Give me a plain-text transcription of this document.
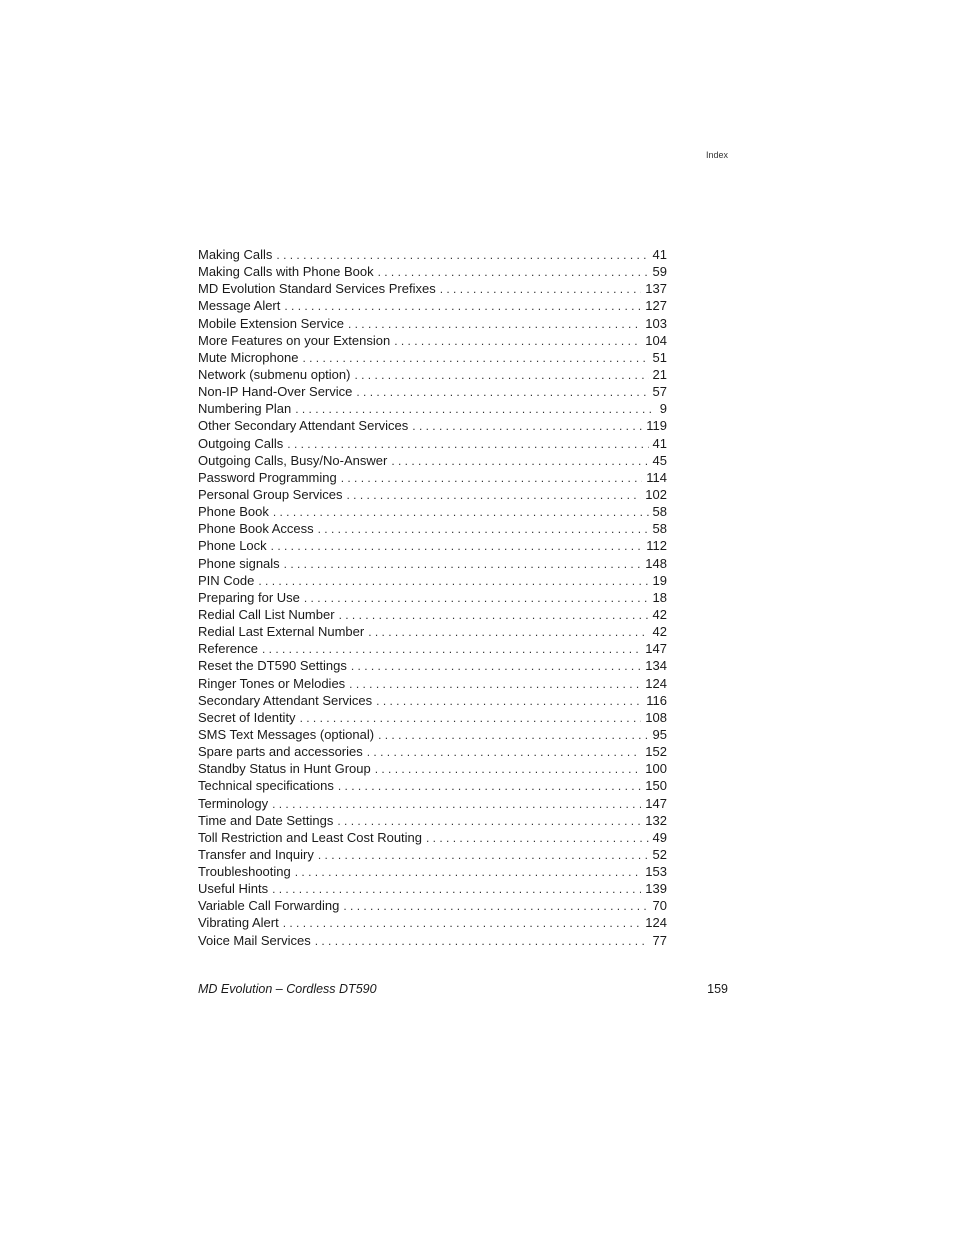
Index
Making Calls . . .	41
Making Calls with Phone Book . . .	59
MD Evolution Standard Services Prefixes . . .	137
Message Alert . . .	127
Mobile Extension Service . . .	103
More Features on your Extension . . .	104
Mute Microphone . . .	51
Network (submenu option) . . .	21
Non-IP Hand-Over Service . . .	57
Numbering Plan . . .	9
Other Secondary Attendant Services . . .	119
Outgoing Calls . . .	41
Outgoing Calls, Busy/No-Answer . . .	45
Password Programming . . .	114
Personal Group Services . . .	102
Phone Book . . .	58
Phone Book Access . . .	58
Phone Lock . . .	112
Phone signals . . .	148
PIN Code . . .	19
Preparing for Use . . .	18
Redial Call List Number . . .	42
Redial Last External Number . . .	42
Reference . . .	147
Reset the DT590 Settings . . .	134
Ringer Tones or Melodies . . .	124
Secondary Attendant Services . . .	116
Secret of Identity . . .	108
SMS Text Messages (optional) . . .	95
Spare parts and accessories . . .	152
Standby Status in Hunt Group . . .	100
Technical specifications . . .	150
Terminology . . .	147
Time and Date Settings . . .	132
Toll Restriction and Least Cost Routing . . .	49
Transfer and Inquiry . . .	52
Troubleshooting . . .	153
Useful Hints . . .	139
Variable Call Forwarding . . .	70
Vibrating Alert . . .	124
Voice Mail Services . . .	77
MD Evolution – Cordless DT590	159
